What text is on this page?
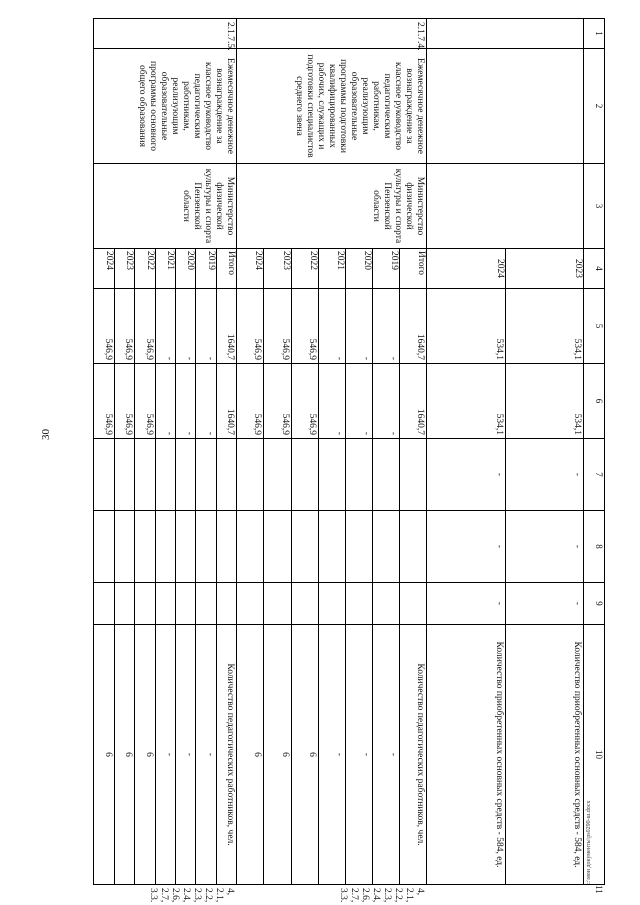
30
c:\мои документы\ps0290-ш.docx
1	2	3	4	5	6	7	8	9	10	11
			2023	534,1	534,1	-	-	-	Количество приобретенных основных средств - 584, ед.	
			2024	534,1	534,1	-	-	-	Количество приобретенных основных средств - 584, ед.	
2.1.7.4.	Ежемесячное денежное вознаграждение за классное руководство педагогическим работникам, реализующим образовательные программы подготовки квалифицированных рабочих, служащих и подготовки специалистов среднего звена	Министерство физической культуры и спорта Пензенской области	Итого	1640,7	1640,7				Количество педагогических работников, чел.	4, 2.1, 2.2, 2.3, 2.4, 2.6, 2.7, 3.3.
			2019	-	-				-	
			2020	-	-				-	
			2021	-	-				-	
			2022	546,9	546,9				6	
			2023	546,9	546,9				6	
			2024	546,9	546,9				6	
2.1.7.5.	Ежемесячное денежное вознаграждение за классное руководство педагогическим работникам, реализующим образовательные программы основного общего образования	Министерство физической культуры и спорта Пензенской области	Итого	1640,7	1640,7				Количество педагогических работников, чел.	4, 2.1, 2.2, 2.3, 2.4, 2.6, 2.7, 3.3.
			2019	-	-				-	
			2020	-	-				-	
			2021	-	-				-	
			2022	546,9	546,9				6	
			2023	546,9	546,9				6	
			2024	546,9	546,9				6	
